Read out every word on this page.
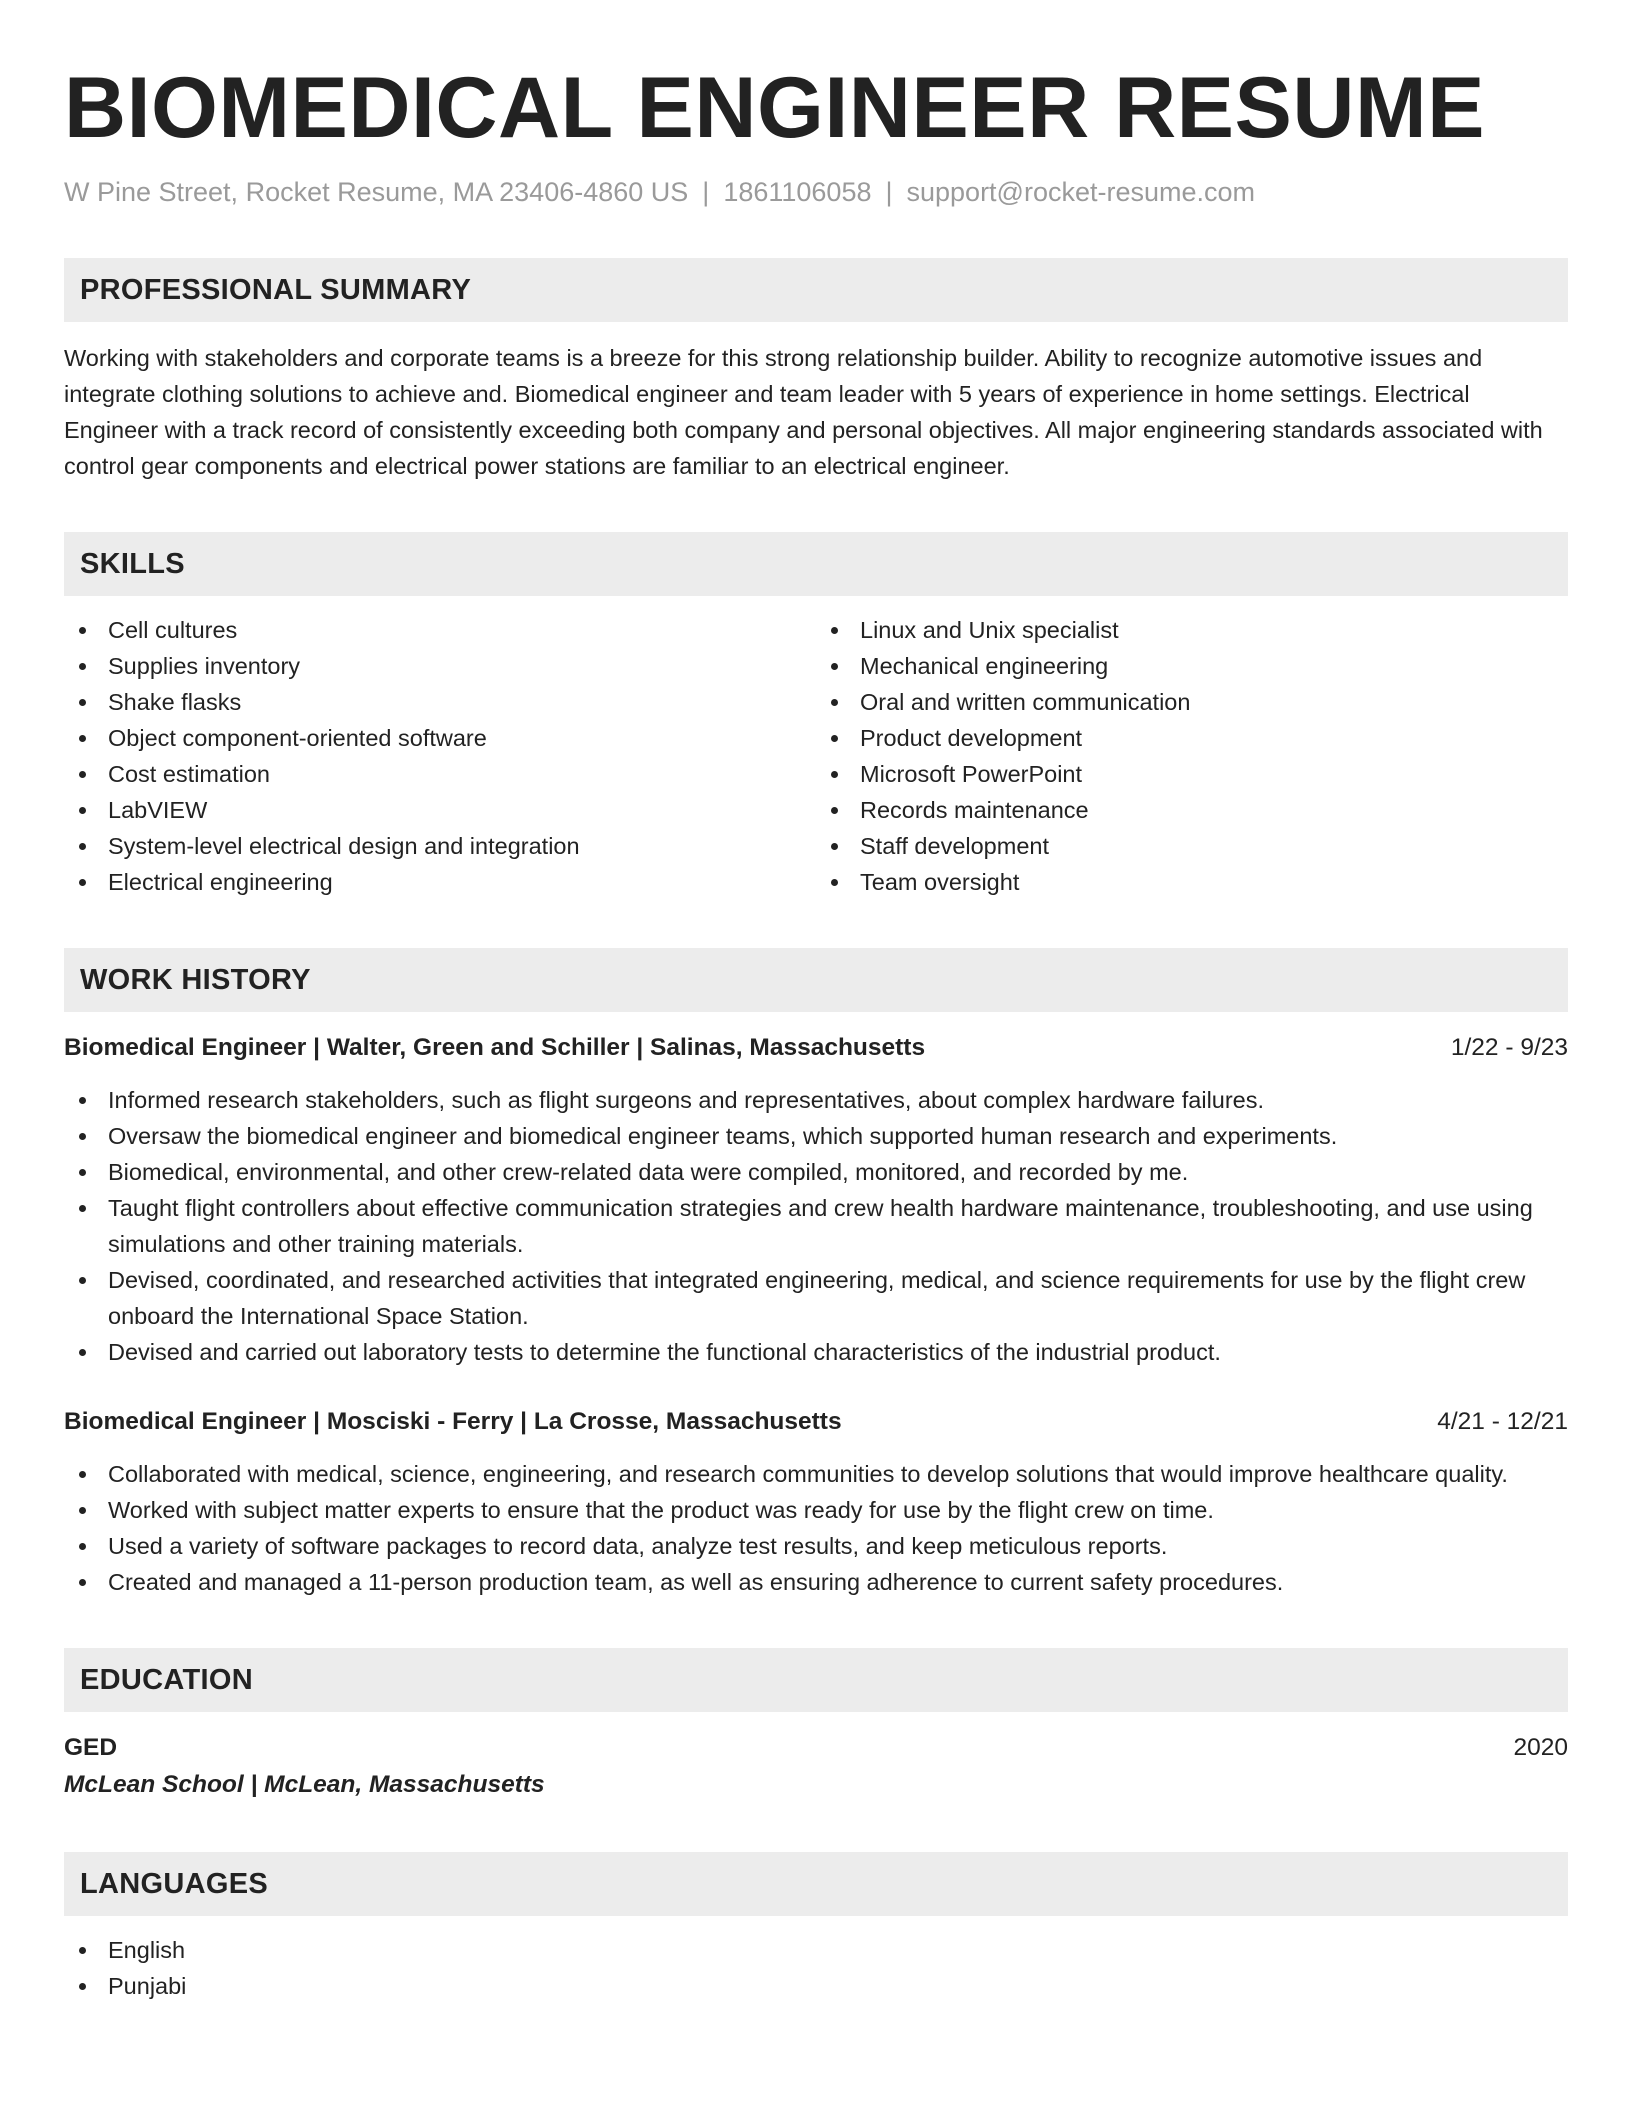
BIOMEDICAL ENGINEER RESUME
W Pine Street, Rocket Resume, MA 23406-4860 US | 1861106058 | support@rocket-resume.com
PROFESSIONAL SUMMARY

Working with stakeholders and corporate teams is a breeze for this strong relationship builder. Ability to recognize automotive issues and integrate clothing solutions to achieve and. Biomedical engineer and team leader with 5 years of experience in home settings. Electrical Engineer with a track record of consistently exceeding both company and personal objectives. All major engineering standards associated with control gear components and electrical power stations are familiar to an electrical engineer.

SKILLS
Cell cultures
Supplies inventory
Shake flasks
Object component-oriented software
Cost estimation
LabVIEW
System-level electrical design and integration
Electrical engineering
Linux and Unix specialist
Mechanical engineering
Oral and written communication
Product development
Microsoft PowerPoint
Records maintenance
Staff development
Team oversight
WORK HISTORY
Biomedical Engineer | Walter, Green and Schiller | Salinas, Massachusetts	1/22 - 9/23
Informed research stakeholders, such as flight surgeons and representatives, about complex hardware failures.
Oversaw the biomedical engineer and biomedical engineer teams, which supported human research and experiments.
Biomedical, environmental, and other crew-related data were compiled, monitored, and recorded by me.
Taught flight controllers about effective communication strategies and crew health hardware maintenance, troubleshooting, and use using simulations and other training materials.
Devised, coordinated, and researched activities that integrated engineering, medical, and science requirements for use by the flight crew onboard the International Space Station.
Devised and carried out laboratory tests to determine the functional characteristics of the industrial product.
Biomedical Engineer | Mosciski - Ferry | La Crosse, Massachusetts	4/21 - 12/21
Collaborated with medical, science, engineering, and research communities to develop solutions that would improve healthcare quality.
Worked with subject matter experts to ensure that the product was ready for use by the flight crew on time.
Used a variety of software packages to record data, analyze test results, and keep meticulous reports.
Created and managed a 11-person production team, as well as ensuring adherence to current safety procedures.
EDUCATION
GED	2020
McLean School | McLean, Massachusetts
LANGUAGES
English
Punjabi
